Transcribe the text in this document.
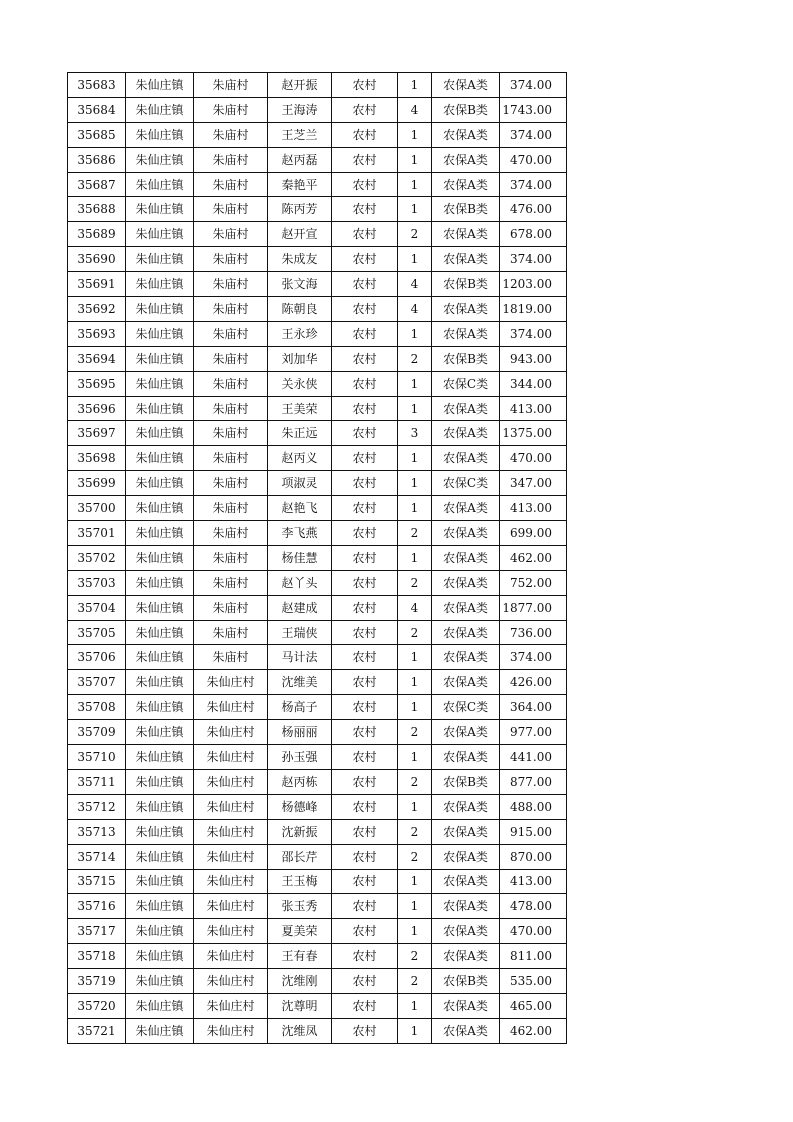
35683	朱仙庄镇	朱庙村	赵开振	农村	1	农保A类	374.00
35684	朱仙庄镇	朱庙村	王海涛	农村	4	农保B类	1743.00
35685	朱仙庄镇	朱庙村	王芝兰	农村	1	农保A类	374.00
35686	朱仙庄镇	朱庙村	赵丙磊	农村	1	农保A类	470.00
35687	朱仙庄镇	朱庙村	秦艳平	农村	1	农保A类	374.00
35688	朱仙庄镇	朱庙村	陈丙芳	农村	1	农保B类	476.00
35689	朱仙庄镇	朱庙村	赵开宣	农村	2	农保A类	678.00
35690	朱仙庄镇	朱庙村	朱成友	农村	1	农保A类	374.00
35691	朱仙庄镇	朱庙村	张文海	农村	4	农保B类	1203.00
35692	朱仙庄镇	朱庙村	陈朝良	农村	4	农保A类	1819.00
35693	朱仙庄镇	朱庙村	王永珍	农村	1	农保A类	374.00
35694	朱仙庄镇	朱庙村	刘加华	农村	2	农保B类	943.00
35695	朱仙庄镇	朱庙村	关永侠	农村	1	农保C类	344.00
35696	朱仙庄镇	朱庙村	王美荣	农村	1	农保A类	413.00
35697	朱仙庄镇	朱庙村	朱正远	农村	3	农保A类	1375.00
35698	朱仙庄镇	朱庙村	赵丙义	农村	1	农保A类	470.00
35699	朱仙庄镇	朱庙村	项淑灵	农村	1	农保C类	347.00
35700	朱仙庄镇	朱庙村	赵艳飞	农村	1	农保A类	413.00
35701	朱仙庄镇	朱庙村	李飞燕	农村	2	农保A类	699.00
35702	朱仙庄镇	朱庙村	杨佳慧	农村	1	农保A类	462.00
35703	朱仙庄镇	朱庙村	赵丫头	农村	2	农保A类	752.00
35704	朱仙庄镇	朱庙村	赵建成	农村	4	农保A类	1877.00
35705	朱仙庄镇	朱庙村	王瑞侠	农村	2	农保A类	736.00
35706	朱仙庄镇	朱庙村	马计法	农村	1	农保A类	374.00
35707	朱仙庄镇	朱仙庄村	沈维美	农村	1	农保A类	426.00
35708	朱仙庄镇	朱仙庄村	杨高子	农村	1	农保C类	364.00
35709	朱仙庄镇	朱仙庄村	杨丽丽	农村	2	农保A类	977.00
35710	朱仙庄镇	朱仙庄村	孙玉强	农村	1	农保A类	441.00
35711	朱仙庄镇	朱仙庄村	赵丙栋	农村	2	农保B类	877.00
35712	朱仙庄镇	朱仙庄村	杨德峰	农村	1	农保A类	488.00
35713	朱仙庄镇	朱仙庄村	沈新振	农村	2	农保A类	915.00
35714	朱仙庄镇	朱仙庄村	邵长芹	农村	2	农保A类	870.00
35715	朱仙庄镇	朱仙庄村	王玉梅	农村	1	农保A类	413.00
35716	朱仙庄镇	朱仙庄村	张玉秀	农村	1	农保A类	478.00
35717	朱仙庄镇	朱仙庄村	夏美荣	农村	1	农保A类	470.00
35718	朱仙庄镇	朱仙庄村	王有春	农村	2	农保A类	811.00
35719	朱仙庄镇	朱仙庄村	沈维刚	农村	2	农保B类	535.00
35720	朱仙庄镇	朱仙庄村	沈尊明	农村	1	农保A类	465.00
35721	朱仙庄镇	朱仙庄村	沈维凤	农村	1	农保A类	462.00
